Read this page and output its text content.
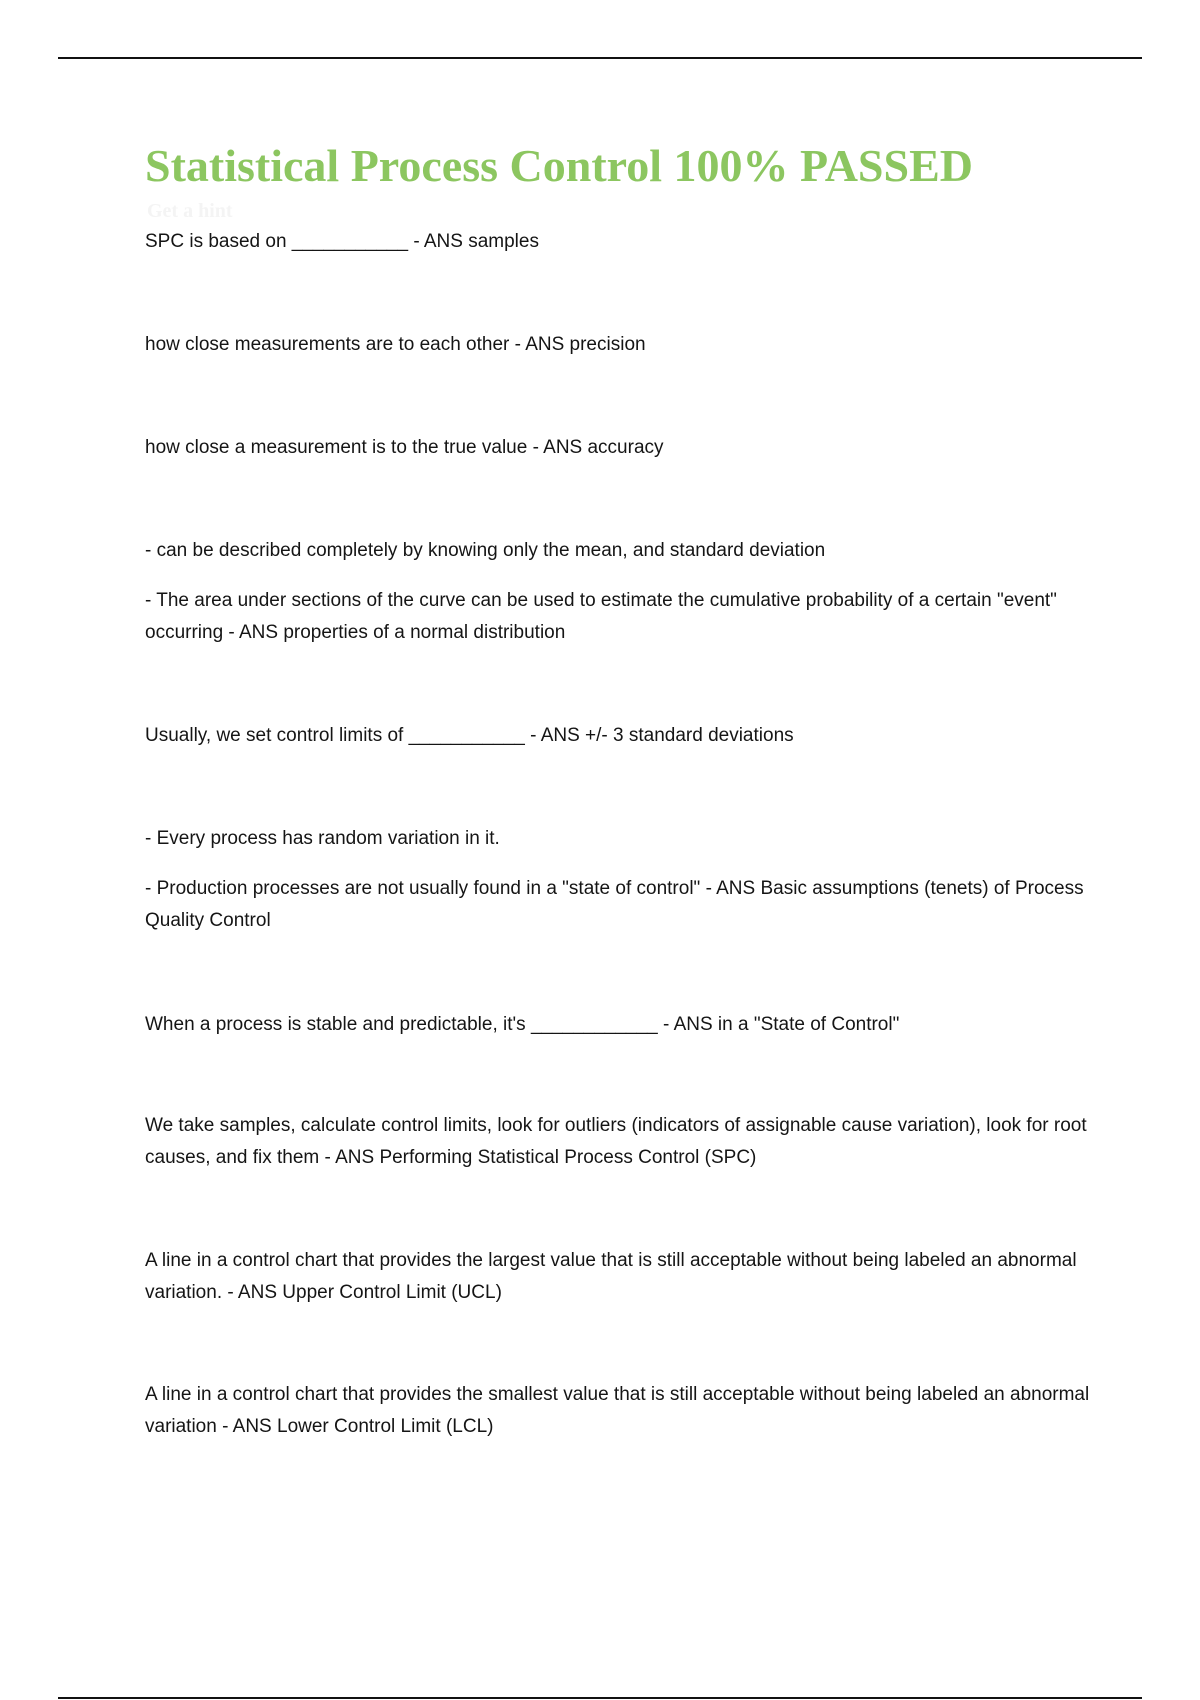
Statistical Process Control 100% PASSED
Get a hint

SPC is based on ___________ - ANS samples

how close measurements are to each other - ANS precision

how close a measurement is to the true value - ANS accuracy

- can be described completely by knowing only the mean, and standard deviation

- The area under sections of the curve can be used to estimate the cumulative probability of a certain "event" occurring - ANS properties of a normal distribution

Usually, we set control limits of ___________ - ANS +/- 3 standard deviations

- Every process has random variation in it.

- Production processes are not usually found in a "state of control" - ANS Basic assumptions (tenets) of Process Quality Control

When a process is stable and predictable, it's ____________ - ANS in a "State of Control"

We take samples, calculate control limits, look for outliers (indicators of assignable cause variation), look for root causes, and fix them - ANS Performing Statistical Process Control (SPC)

A line in a control chart that provides the largest value that is still acceptable without being labeled an abnormal variation. - ANS Upper Control Limit (UCL)

A line in a control chart that provides the smallest value that is still acceptable without being labeled an abnormal variation - ANS Lower Control Limit (LCL)
